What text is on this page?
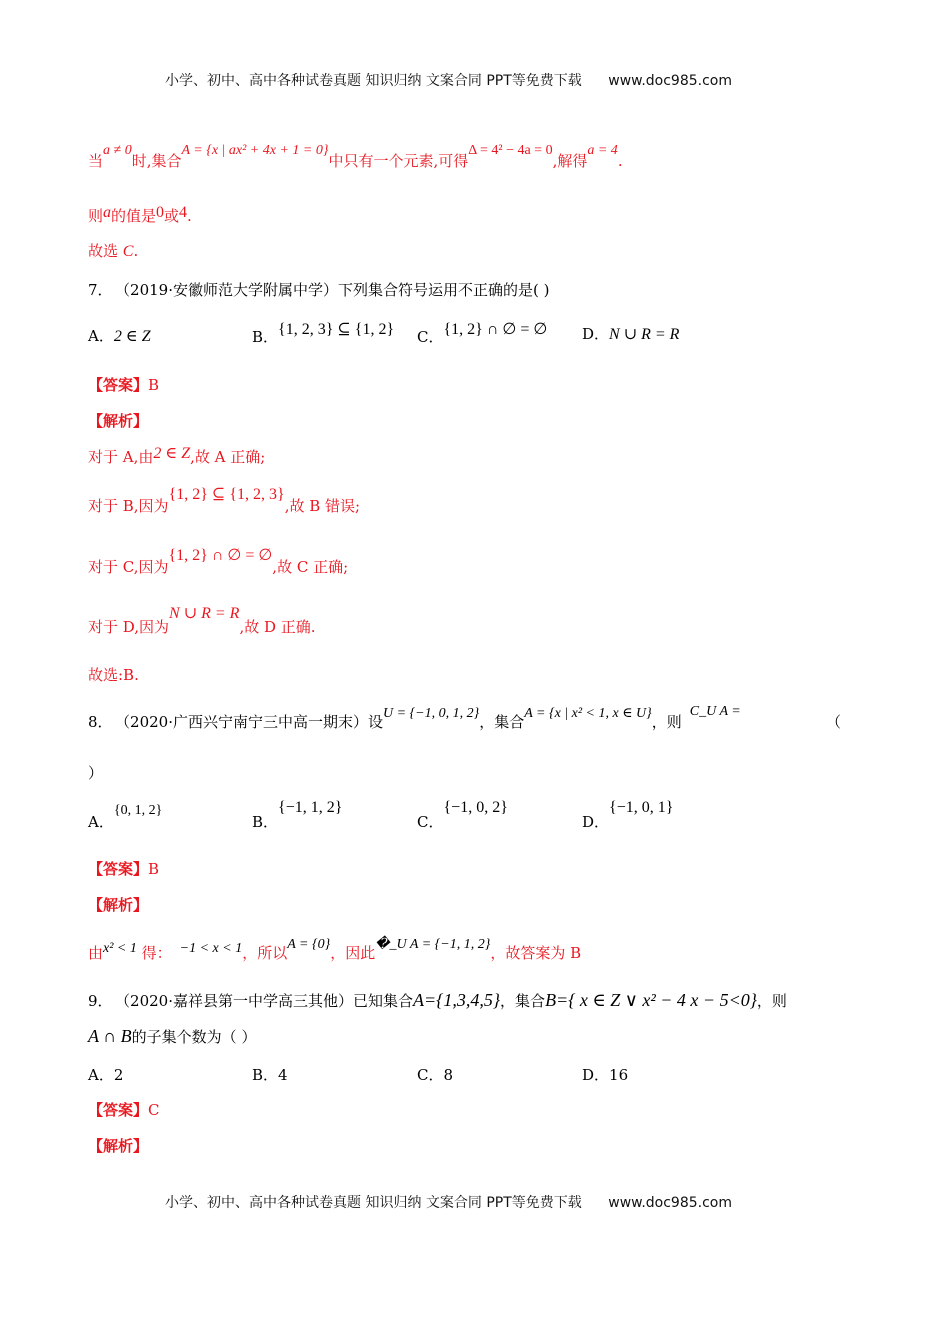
小学、初中、高中各种试卷真题 知识归纳 文案合同 PPT等免费下载 www.doc985.com
当a ≠ 0时,集合A = {x | ax² + 4x + 1 = 0}中只有一个元素,可得Δ = 4² − 4a = 0,解得a = 4.
则a的值是0或4.
故选 C.
7． （2019·安徽师范大学附属中学）下列集合符号运用不正确的是( )
A．2 ∈ Z	B．{1, 2, 3} ⊆ {1, 2} C．{1, 2} ∩ ∅ = ∅ D．N ∪ R = R
【答案】B
【解析】
对于 A,由2 ∈ Z,故 A 正确;
对于 B,因为{1, 2} ⊆ {1, 2, 3},故 B 错误;
对于 C,因为{1, 2} ∩ ∅ = ∅,故 C 正确;
对于 D,因为N ∪ R = R,故 D 正确.
故选:B.
8． （2020·广西兴宁南宁三中高一期末）设U = {−1, 0, 1, 2}，集合A = {x | x² < 1, x ∈ U}，则C_U A =
（
）
A．{0, 1, 2}
B．{−1, 1, 2}
C．{−1, 0, 2}
D．{−1, 0, 1}
【答案】B
【解析】
由x² < 1 得： −1 < x < 1，所以A = {0}，因此�_U A = {−1, 1, 2}，故答案为 B
9． （2020·嘉祥县第一中学高三其他）已知集合A={1,3,4,5}，集合B={ x ∈ Z ∨ x² − 4 x − 5<0}，则
A ∩ B的子集个数为（ ）
A．2	B．4	C．8	D．16
【答案】C
【解析】
小学、初中、高中各种试卷真题 知识归纳 文案合同 PPT等免费下载 www.doc985.com
